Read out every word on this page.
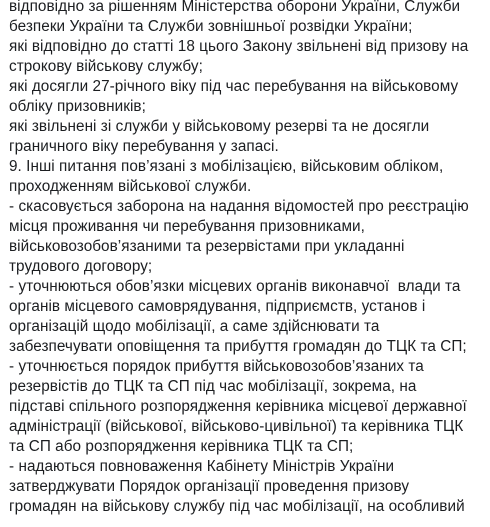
відповідно за рішенням Міністерства оборони України, Служби
безпеки України та Служби зовнішньої розвідки України;
які відповідно до статті 18 цього Закону звільнені від призову на
строкову військову службу;
які досягли 27-річного віку під час перебування на військовому
обліку призовників;
які звільнені зі служби у військовому резерві та не досягли
граничного віку перебування у запасі.
9. Інші питання пов’язані з мобілізацією, військовим обліком,
проходженням військової служби.
- скасовується заборона на надання відомостей про реєстрацію
місця проживання чи перебування призовниками,
військовозобов’язаними та резервістами при укладанні
трудового договору;
- уточнюються обов’язки місцевих органів виконавчої  влади та
органів місцевого самоврядування, підприємств, установ і
організацій щодо мобілізації, а саме здійснювати та
забезпечувати оповіщення та прибуття громадян до ТЦК та СП;
- уточнюється порядок прибуття військовозобов’язаних та
резервістів до ТЦК та СП під час мобілізації, зокрема, на
підставі спільного розпорядження керівника місцевої державної
адміністрації (військової, військово-цивільної) та керівника ТЦК
та СП або розпорядження керівника ТЦК та СП;
- надаються повноваження Кабінету Міністрів України
затверджувати Порядок організації проведення призову
громадян на військову службу під час мобілізації, на особливий
